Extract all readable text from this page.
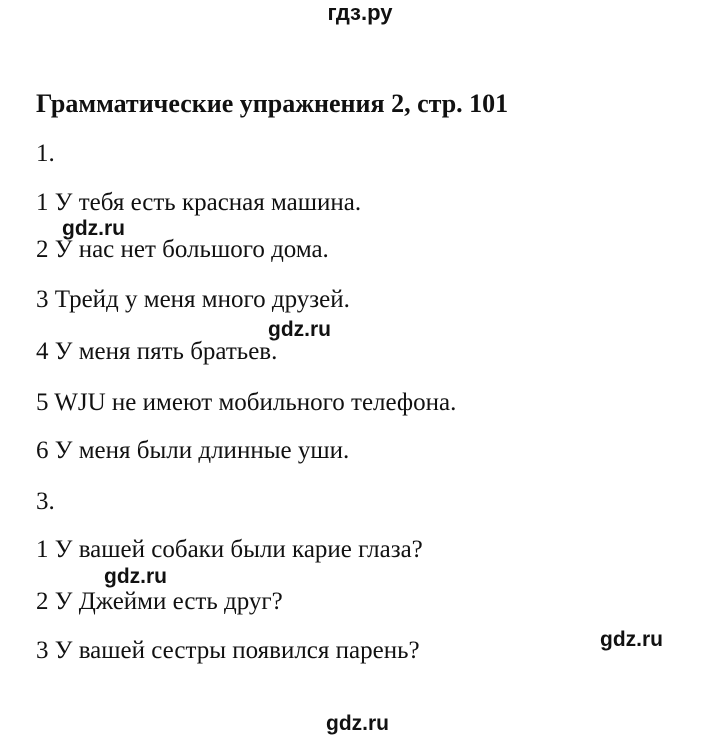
гдз.ру
Грамматические упражнения 2, стр. 101
1.
1 У тебя есть красная машина.
2 У нас нет большого дома.
3 Трейд у меня много друзей.
4 У меня пять братьев.
5 WJU не имеют мобильного телефона.
6 У меня были длинные уши.
3.
1 У вашей собаки были карие глаза?
2 У Джейми есть друг?
3 У вашей сестры появился парень?
gdz.ru
gdz.ru
gdz.ru
gdz.ru
gdz.ru
